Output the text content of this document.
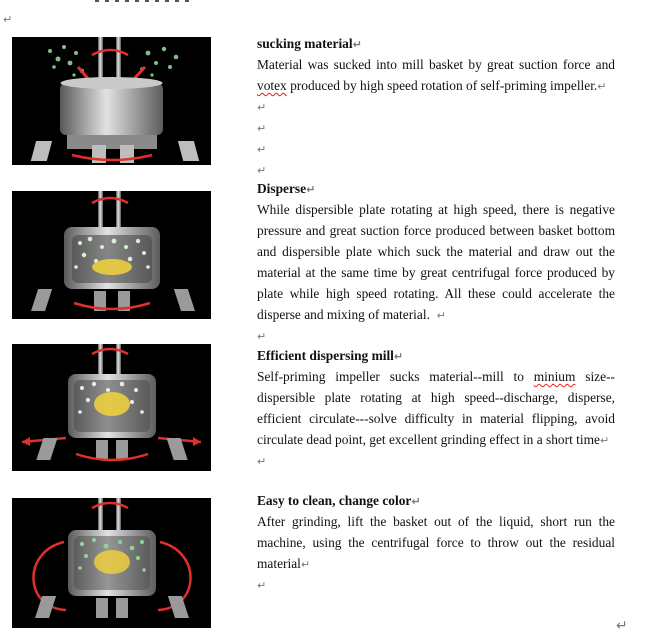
↵
sucking material↵

Material was sucked into mill basket by great suction force and votex produced by high speed rotation of self-priming impeller.↵

↵
↵
↵
↵
Disperse↵

While dispersible plate rotating at high speed, there is negative pressure and great suction force produced between basket bottom and dispersible plate which suck the material and draw out the material at the same time by great centrifugal force produced by plate while high speed rotating. All these could accelerate the disperse and mixing of material. ↵

↵
Efficient dispersing mill↵

Self-priming impeller sucks material--mill to minium size--dispersible plate rotating at high speed--discharge, disperse, efficient circulate---solve difficulty in material flipping, avoid circulate dead point, get excellent grinding effect in a short time↵

↵
Easy to clean, change color↵

After grinding, lift the basket out of the liquid, short run the machine, using the centrifugal force to throw out the residual material↵

↵
↵
